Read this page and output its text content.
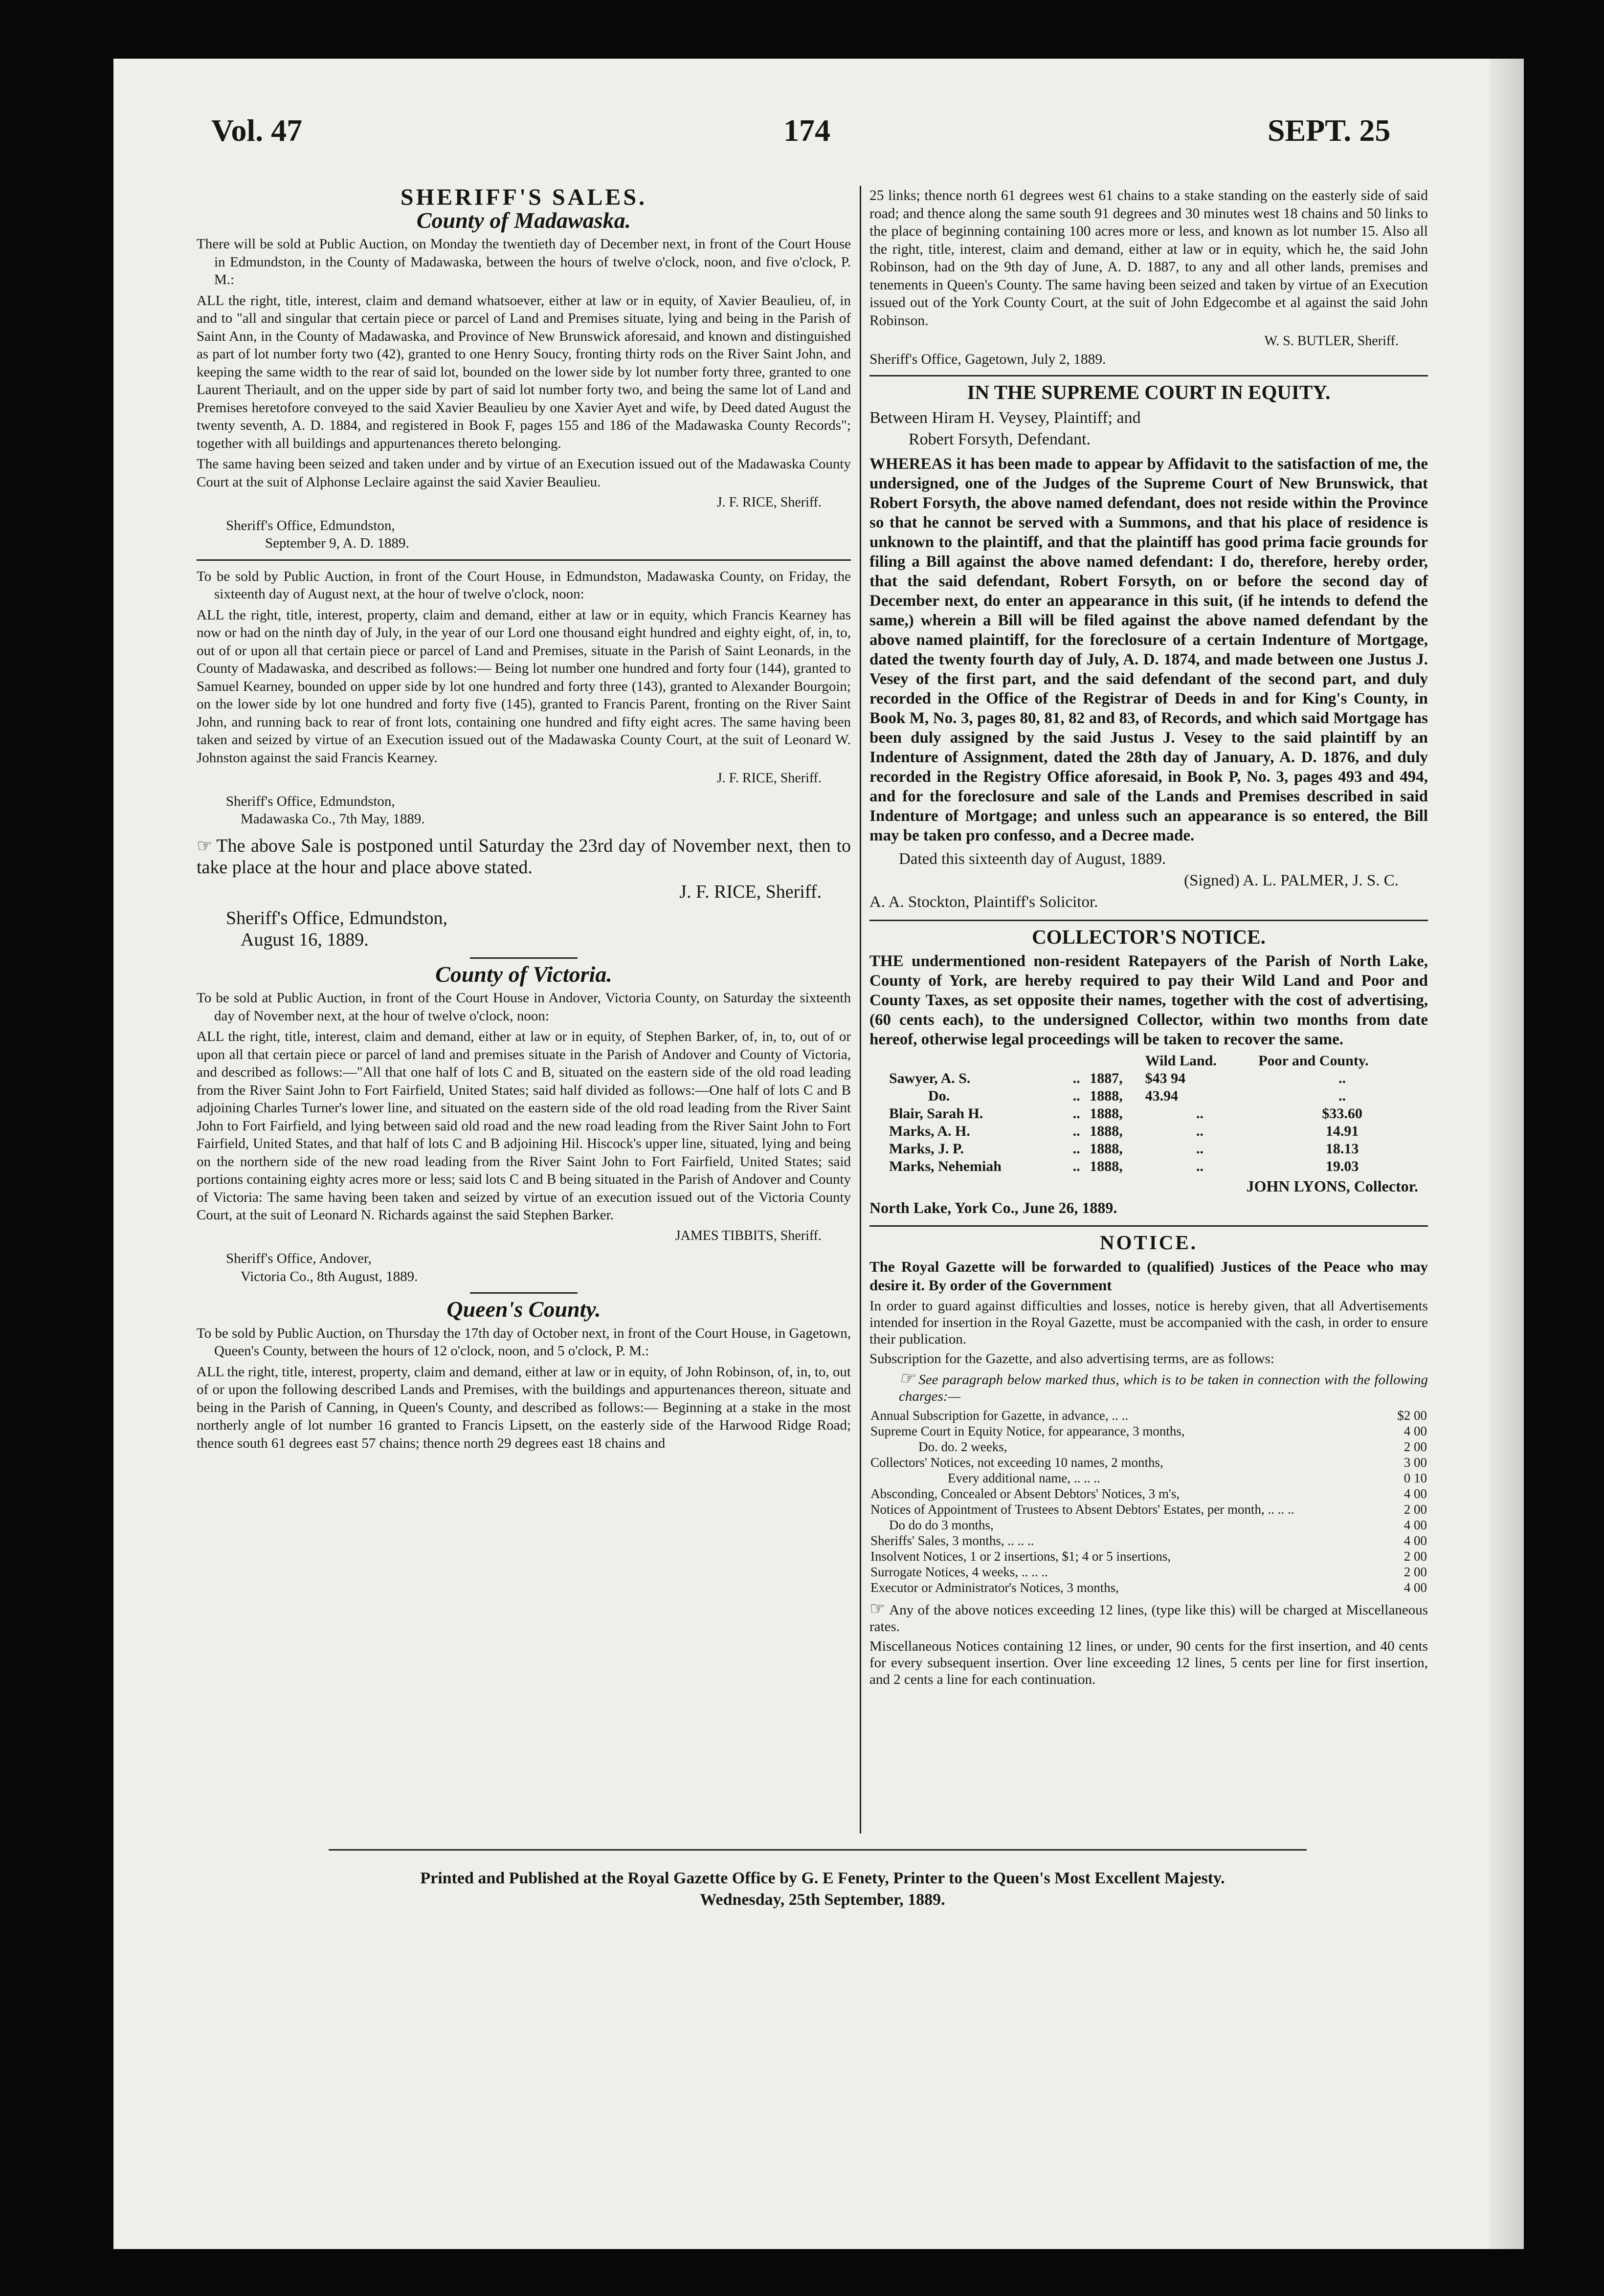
Vol. 47	174	SEPT. 25
SHERIFF'S SALES.
County of Madawaska.

There will be sold at Public Auction, on Monday the twentieth day of December next, in front of the Court House in Edmundston, in the County of Madawaska, between the hours of twelve o'clock, noon, and five o'clock, P. M.:

ALL the right, title, interest, claim and demand whatsoever, either at law or in equity, of Xavier Beaulieu, of, in and to "all and singular that certain piece or parcel of Land and Premises situate, lying and being in the Parish of Saint Ann, in the County of Madawaska, and Province of New Brunswick aforesaid, and known and distinguished as part of lot number forty two (42), granted to one Henry Soucy, fronting thirty rods on the River Saint John, and keeping the same width to the rear of said lot, bounded on the lower side by lot number forty three, granted to one Laurent Theriault, and on the upper side by part of said lot number forty two, and being the same lot of Land and Premises heretofore conveyed to the said Xavier Beaulieu by one Xavier Ayet and wife, by Deed dated August the twenty seventh, A. D. 1884, and registered in Book F, pages 155 and 186 of the Madawaska County Records"; together with all buildings and appurtenances thereto belonging.

The same having been seized and taken under and by virtue of an Execution issued out of the Madawaska County Court at the suit of Alphonse Leclaire against the said Xavier Beaulieu.

J. F. RICE, Sheriff.
Sheriff's Office, Edmundston,
September 9, A. D. 1889.

To be sold by Public Auction, in front of the Court House, in Edmundston, Madawaska County, on Friday, the sixteenth day of August next, at the hour of twelve o'clock, noon:

ALL the right, title, interest, property, claim and demand, either at law or in equity, which Francis Kearney has now or had on the ninth day of July, in the year of our Lord one thousand eight hundred and eighty eight, of, in, to, out of or upon all that certain piece or parcel of Land and Premises, situate in the Parish of Saint Leonards, in the County of Madawaska, and described as follows:— Being lot number one hundred and forty four (144), granted to Samuel Kearney, bounded on upper side by lot one hundred and forty three (143), granted to Alexander Bourgoin; on the lower side by lot one hundred and forty five (145), granted to Francis Parent, fronting on the River Saint John, and running back to rear of front lots, containing one hundred and fifty eight acres. The same having been taken and seized by virtue of an Execution issued out of the Madawaska County Court, at the suit of Leonard W. Johnston against the said Francis Kearney.

J. F. RICE, Sheriff.
Sheriff's Office, Edmundston,
Madawaska Co., 7th May, 1889.

☞ The above Sale is postponed until Saturday the 23rd day of November next, then to take place at the hour and place above stated.

J. F. RICE, Sheriff.
Sheriff's Office, Edmundston,
August 16, 1889.
County of Victoria.

To be sold at Public Auction, in front of the Court House in Andover, Victoria County, on Saturday the sixteenth day of November next, at the hour of twelve o'clock, noon:

ALL the right, title, interest, claim and demand, either at law or in equity, of Stephen Barker, of, in, to, out of or upon all that certain piece or parcel of land and premises situate in the Parish of Andover and County of Victoria, and described as follows:—"All that one half of lots C and B, situated on the eastern side of the old road leading from the River Saint John to Fort Fairfield, United States; said half divided as follows:—One half of lots C and B adjoining Charles Turner's lower line, and situated on the eastern side of the old road leading from the River Saint John to Fort Fairfield, and lying between said old road and the new road leading from the River Saint John to Fort Fairfield, United States, and that half of lots C and B adjoining Hil. Hiscock's upper line, situated, lying and being on the northern side of the new road leading from the River Saint John to Fort Fairfield, United States; said portions containing eighty acres more or less; said lots C and B being situated in the Parish of Andover and County of Victoria: The same having been taken and seized by virtue of an execution issued out of the Victoria County Court, at the suit of Leonard N. Richards against the said Stephen Barker.

JAMES TIBBITS, Sheriff.
Sheriff's Office, Andover,
Victoria Co., 8th August, 1889.
Queen's County.

To be sold by Public Auction, on Thursday the 17th day of October next, in front of the Court House, in Gagetown, Queen's County, between the hours of 12 o'clock, noon, and 5 o'clock, P. M.:

ALL the right, title, interest, property, claim and demand, either at law or in equity, of John Robinson, of, in, to, out of or upon the following described Lands and Premises, with the buildings and appurtenances thereon, situate and being in the Parish of Canning, in Queen's County, and described as follows:— Beginning at a stake in the most northerly angle of lot number 16 granted to Francis Lipsett, on the easterly side of the Harwood Ridge Road; thence south 61 degrees east 57 chains; thence north 29 degrees east 18 chains and

25 links; thence north 61 degrees west 61 chains to a stake standing on the easterly side of said road; and thence along the same south 91 degrees and 30 minutes west 18 chains and 50 links to the place of beginning containing 100 acres more or less, and known as lot number 15. Also all the right, title, interest, claim and demand, either at law or in equity, which he, the said John Robinson, had on the 9th day of June, A. D. 1887, to any and all other lands, premises and tenements in Queen's County. The same having been seized and taken by virtue of an Execution issued out of the York County Court, at the suit of John Edgecombe et al against the said John Robinson.

W. S. BUTLER, Sheriff.
Sheriff's Office, Gagetown, July 2, 1889.
IN THE SUPREME COURT IN EQUITY.
Between Hiram H. Veysey, Plaintiff; and
Robert Forsyth, Defendant.

WHEREAS it has been made to appear by Affidavit to the satisfaction of me, the undersigned, one of the Judges of the Supreme Court of New Brunswick, that Robert Forsyth, the above named defendant, does not reside within the Province so that he cannot be served with a Summons, and that his place of residence is unknown to the plaintiff, and that the plaintiff has good prima facie grounds for filing a Bill against the above named defendant: I do, therefore, hereby order, that the said defendant, Robert Forsyth, on or before the second day of December next, do enter an appearance in this suit, (if he intends to defend the same,) wherein a Bill will be filed against the above named defendant by the above named plaintiff, for the foreclosure of a certain Indenture of Mortgage, dated the twenty fourth day of July, A. D. 1874, and made between one Justus J. Vesey of the first part, and the said defendant of the second part, and duly recorded in the Office of the Registrar of Deeds in and for King's County, in Book M, No. 3, pages 80, 81, 82 and 83, of Records, and which said Mortgage has been duly assigned by the said Justus J. Vesey to the said plaintiff by an Indenture of Assignment, dated the 28th day of January, A. D. 1876, and duly recorded in the Registry Office aforesaid, in Book P, No. 3, pages 493 and 494, and for the foreclosure and sale of the Lands and Premises described in said Indenture of Mortgage; and unless such an appearance is so entered, the Bill may be taken pro confesso, and a Decree made.

Dated this sixteenth day of August, 1889.
(Signed) A. L. PALMER, J. S. C.
A. A. Stockton, Plaintiff's Solicitor.
COLLECTOR'S NOTICE.

THE undermentioned non-resident Ratepayers of the Parish of North Lake, County of York, are hereby required to pay their Wild Land and Poor and County Taxes, as set opposite their names, together with the cost of advertising, (60 cents each), to the undersigned Collector, within two months from date hereof, otherwise legal proceedings will be taken to recover the same.

			Wild Land.	Poor and County.
Sawyer, A. S.	..	1887,	$43 94	..
Do.	..	1888,	43.94	..
Blair, Sarah H.	..	1888,	..	$33.60
Marks, A. H.	..	1888,	..	14.91
Marks, J. P.	..	1888,	..	18.13
Marks, Nehemiah	..	1888,	..	19.03
JOHN LYONS, Collector.
North Lake, York Co., June 26, 1889.
NOTICE.

The Royal Gazette will be forwarded to (qualified) Justices of the Peace who may desire it. By order of the Government

In order to guard against difficulties and losses, notice is hereby given, that all Advertisements intended for insertion in the Royal Gazette, must be accompanied with the cash, in order to ensure their publication.

Subscription for the Gazette, and also advertising terms, are as follows:

☞ See paragraph below marked thus, which is to be taken in connection with the following charges:—

Annual Subscription for Gazette, in advance, .. ..	$2 00
Supreme Court in Equity Notice, for appearance, 3 months,	4 00
Do. do. 2 weeks,	2 00
Collectors' Notices, not exceeding 10 names, 2 months,	3 00
Every additional name, .. .. ..	0 10
Absconding, Concealed or Absent Debtors' Notices, 3 m's,	4 00
Notices of Appointment of Trustees to Absent Debtors' Estates, per month, .. .. ..	2 00
Do do do 3 months,	4 00
Sheriffs' Sales, 3 months, .. .. ..	4 00
Insolvent Notices, 1 or 2 insertions, $1; 4 or 5 insertions,	2 00
Surrogate Notices, 4 weeks, .. .. ..	2 00
Executor or Administrator's Notices, 3 months,	4 00

☞ Any of the above notices exceeding 12 lines, (type like this) will be charged at Miscellaneous rates.

Miscellaneous Notices containing 12 lines, or under, 90 cents for the first insertion, and 40 cents for every subsequent insertion. Over line exceeding 12 lines, 5 cents per line for first insertion, and 2 cents a line for each continuation.

Printed and Published at the Royal Gazette Office by G. E Fenety, Printer to the Queen's Most Excellent Majesty.
Wednesday, 25th September, 1889.
